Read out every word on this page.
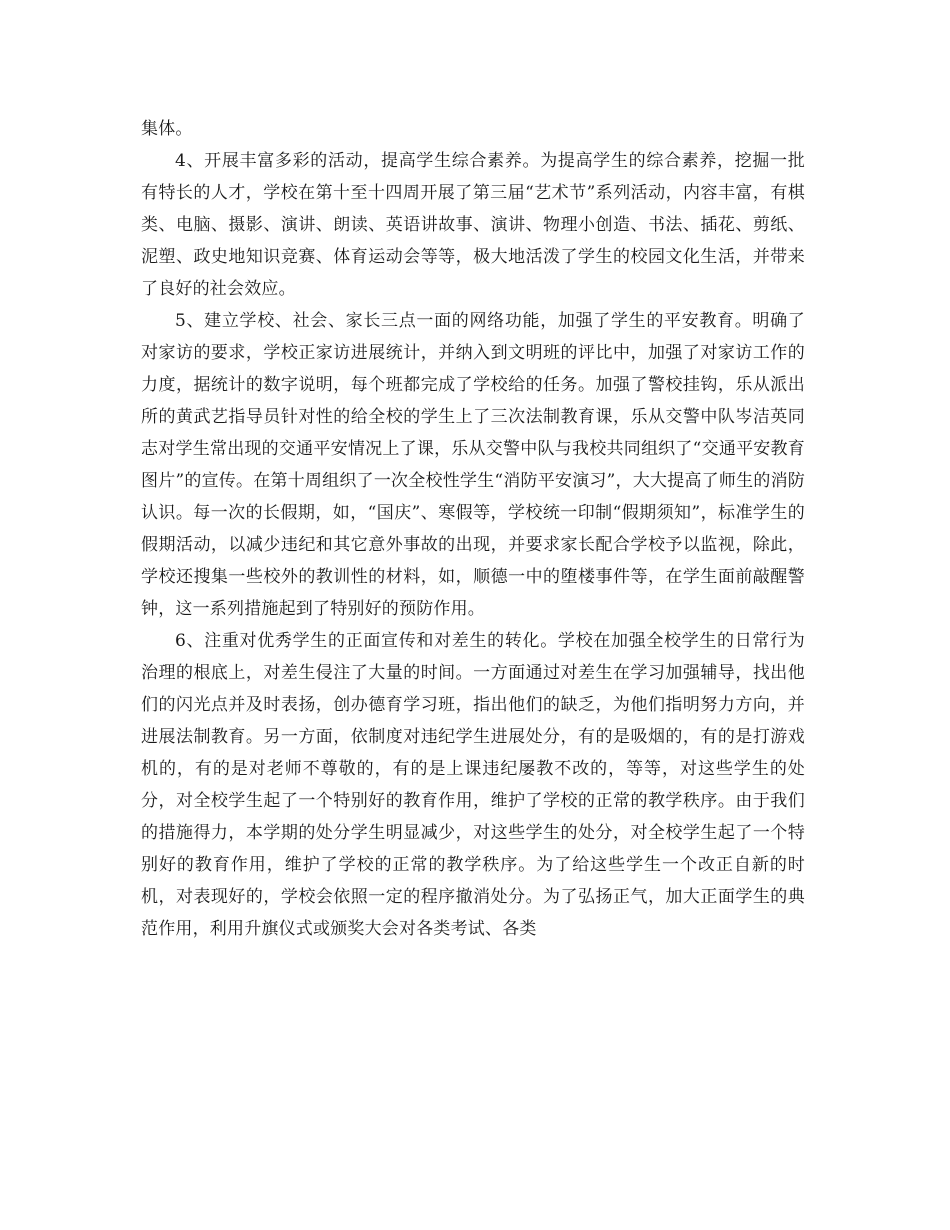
集体。

4、开展丰富多彩的活动，提高学生综合素养。为提高学生的综合素养，挖掘一批有特长的人才，学校在第十至十四周开展了第三届“艺术节”系列活动，内容丰富，有棋类、电脑、摄影、演讲、朗读、英语讲故事、演讲、物理小创造、书法、插花、剪纸、泥塑、政史地知识竞赛、体育运动会等等，极大地活泼了学生的校园文化生活，并带来了良好的社会效应。

5、建立学校、社会、家长三点一面的网络功能，加强了学生的平安教育。明确了对家访的要求，学校正家访进展统计，并纳入到文明班的评比中，加强了对家访工作的力度，据统计的数字说明，每个班都完成了学校给的任务。加强了警校挂钩，乐从派出所的黄武艺指导员针对性的给全校的学生上了三次法制教育课，乐从交警中队岑洁英同志对学生常出现的交通平安情况上了课，乐从交警中队与我校共同组织了“交通平安教育图片”的宣传。在第十周组织了一次全校性学生“消防平安演习”，大大提高了师生的消防认识。每一次的长假期，如，“国庆”、寒假等，学校统一印制“假期须知”，标准学生的假期活动，以减少违纪和其它意外事故的出现，并要求家长配合学校予以监视，除此，学校还搜集一些校外的教训性的材料，如，顺德一中的堕楼事件等，在学生面前敲醒警钟，这一系列措施起到了特别好的预防作用。

6、注重对优秀学生的正面宣传和对差生的转化。学校在加强全校学生的日常行为治理的根底上，对差生侵注了大量的时间。一方面通过对差生在学习加强辅导，找出他们的闪光点并及时表扬，创办德育学习班，指出他们的缺乏，为他们指明努力方向，并进展法制教育。另一方面，依制度对违纪学生进展处分，有的是吸烟的，有的是打游戏机的，有的是对老师不尊敬的，有的是上课违纪屡教不改的，等等，对这些学生的处分，对全校学生起了一个特别好的教育作用，维护了学校的正常的教学秩序。由于我们的措施得力，本学期的处分学生明显减少，对这些学生的处分，对全校学生起了一个特别好的教育作用，维护了学校的正常的教学秩序。为了给这些学生一个改正自新的时机，对表现好的，学校会依照一定的程序撤消处分。为了弘扬正气，加大正面学生的典范作用，利用升旗仪式或颁奖大会对各类考试、各类
